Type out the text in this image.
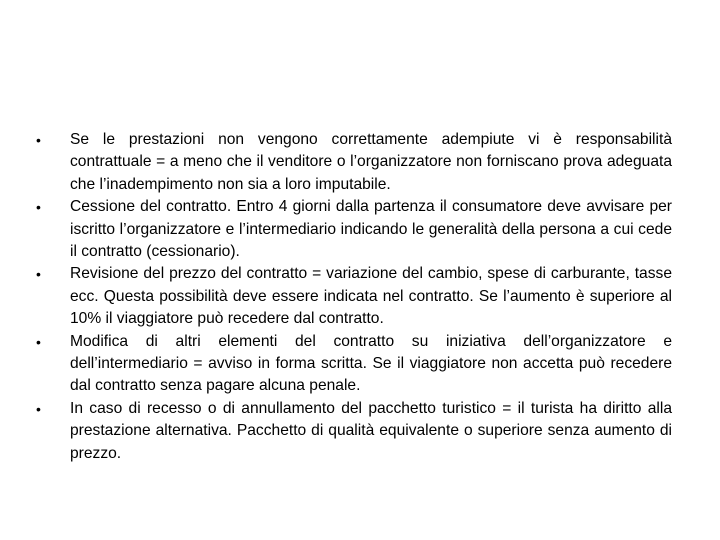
•	Se le prestazioni non vengono correttamente adempiute vi è responsabilità contrattuale = a meno che il venditore o l’organizzatore non forniscano prova adeguata che l’inadempimento non sia a loro imputabile.
•	Cessione del contratto. Entro 4 giorni dalla partenza il consumatore deve avvisare per iscritto l’organizzatore e l’intermediario indicando le generalità della persona a cui cede il contratto (cessionario).
•	Revisione del prezzo del contratto = variazione del cambio, spese di carburante, tasse ecc. Questa possibilità deve essere indicata nel contratto. Se l’aumento è superiore al 10% il viaggiatore può recedere dal contratto.
•	Modifica di altri elementi del contratto su iniziativa dell’organizzatore e dell’intermediario = avviso in forma scritta. Se il viaggiatore non accetta può recedere dal contratto senza pagare alcuna penale.
•	In caso di recesso o di annullamento del pacchetto turistico = il turista ha diritto alla prestazione alternativa. Pacchetto di qualità equivalente o superiore senza aumento di prezzo.
